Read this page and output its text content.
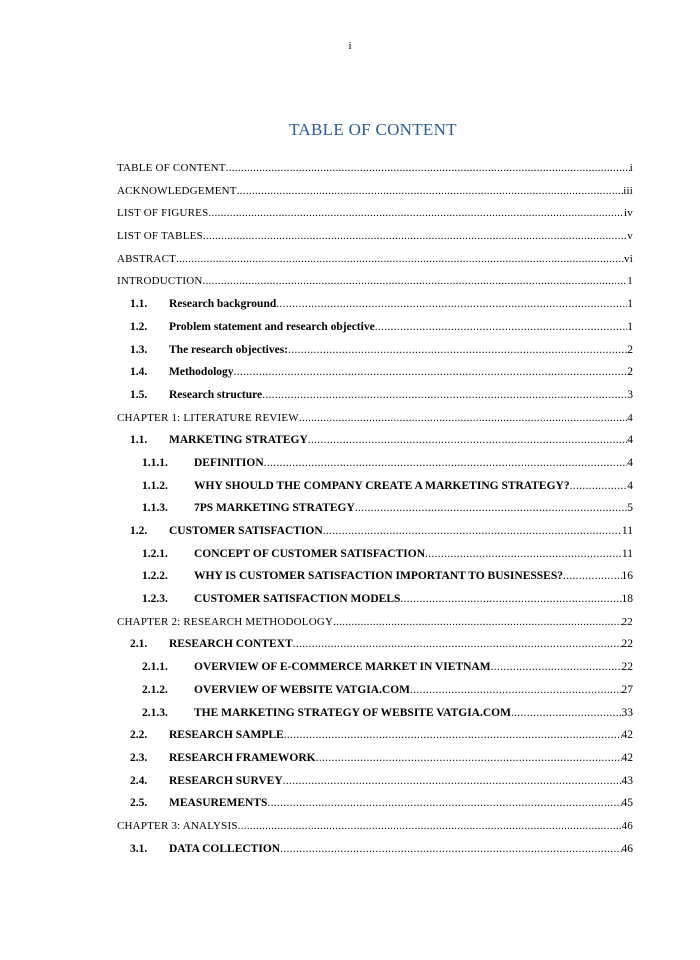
i
TABLE OF CONTENT
TABLE OF CONTENT .....	i
ACKNOWLEDGEMENT .....	iii
LIST OF FIGURES .....	iv
LIST OF TABLES .....	v
ABSTRACT .....	vi
INTRODUCTION .....	1
1.1.	Research background .....	1
1.2.	Problem statement and research objective .....	1
1.3.	The research objectives: .....	2
1.4.	Methodology .....	2
1.5.	Research structure .....	3
CHAPTER 1: LITERATURE REVIEW .....	4
1.1.	MARKETING STRATEGY .....	4
1.1.1.	DEFINITION .....	4
1.1.2.	WHY SHOULD THE COMPANY CREATE A MARKETING STRATEGY? .....	4
1.1.3.	7PS MARKETING STRATEGY .....	5
1.2.	CUSTOMER SATISFACTION .....	11
1.2.1.	CONCEPT OF CUSTOMER SATISFACTION .....	11
1.2.2.	WHY IS CUSTOMER SATISFACTION IMPORTANT TO BUSINESSES? .....	16
1.2.3.	CUSTOMER SATISFACTION MODELS .....	18
CHAPTER 2: RESEARCH METHODOLOGY .....	22
2.1.	RESEARCH CONTEXT .....	22
2.1.1.	OVERVIEW OF E-COMMERCE MARKET IN VIETNAM .....	22
2.1.2.	OVERVIEW OF WEBSITE VATGIA.COM .....	27
2.1.3.	THE MARKETING STRATEGY OF WEBSITE VATGIA.COM .....	33
2.2.	RESEARCH SAMPLE .....	42
2.3.	RESEARCH FRAMEWORK .....	42
2.4.	RESEARCH SURVEY .....	43
2.5.	MEASUREMENTS .....	45
CHAPTER 3: ANALYSIS .....	46
3.1.	DATA COLLECTION .....	46
